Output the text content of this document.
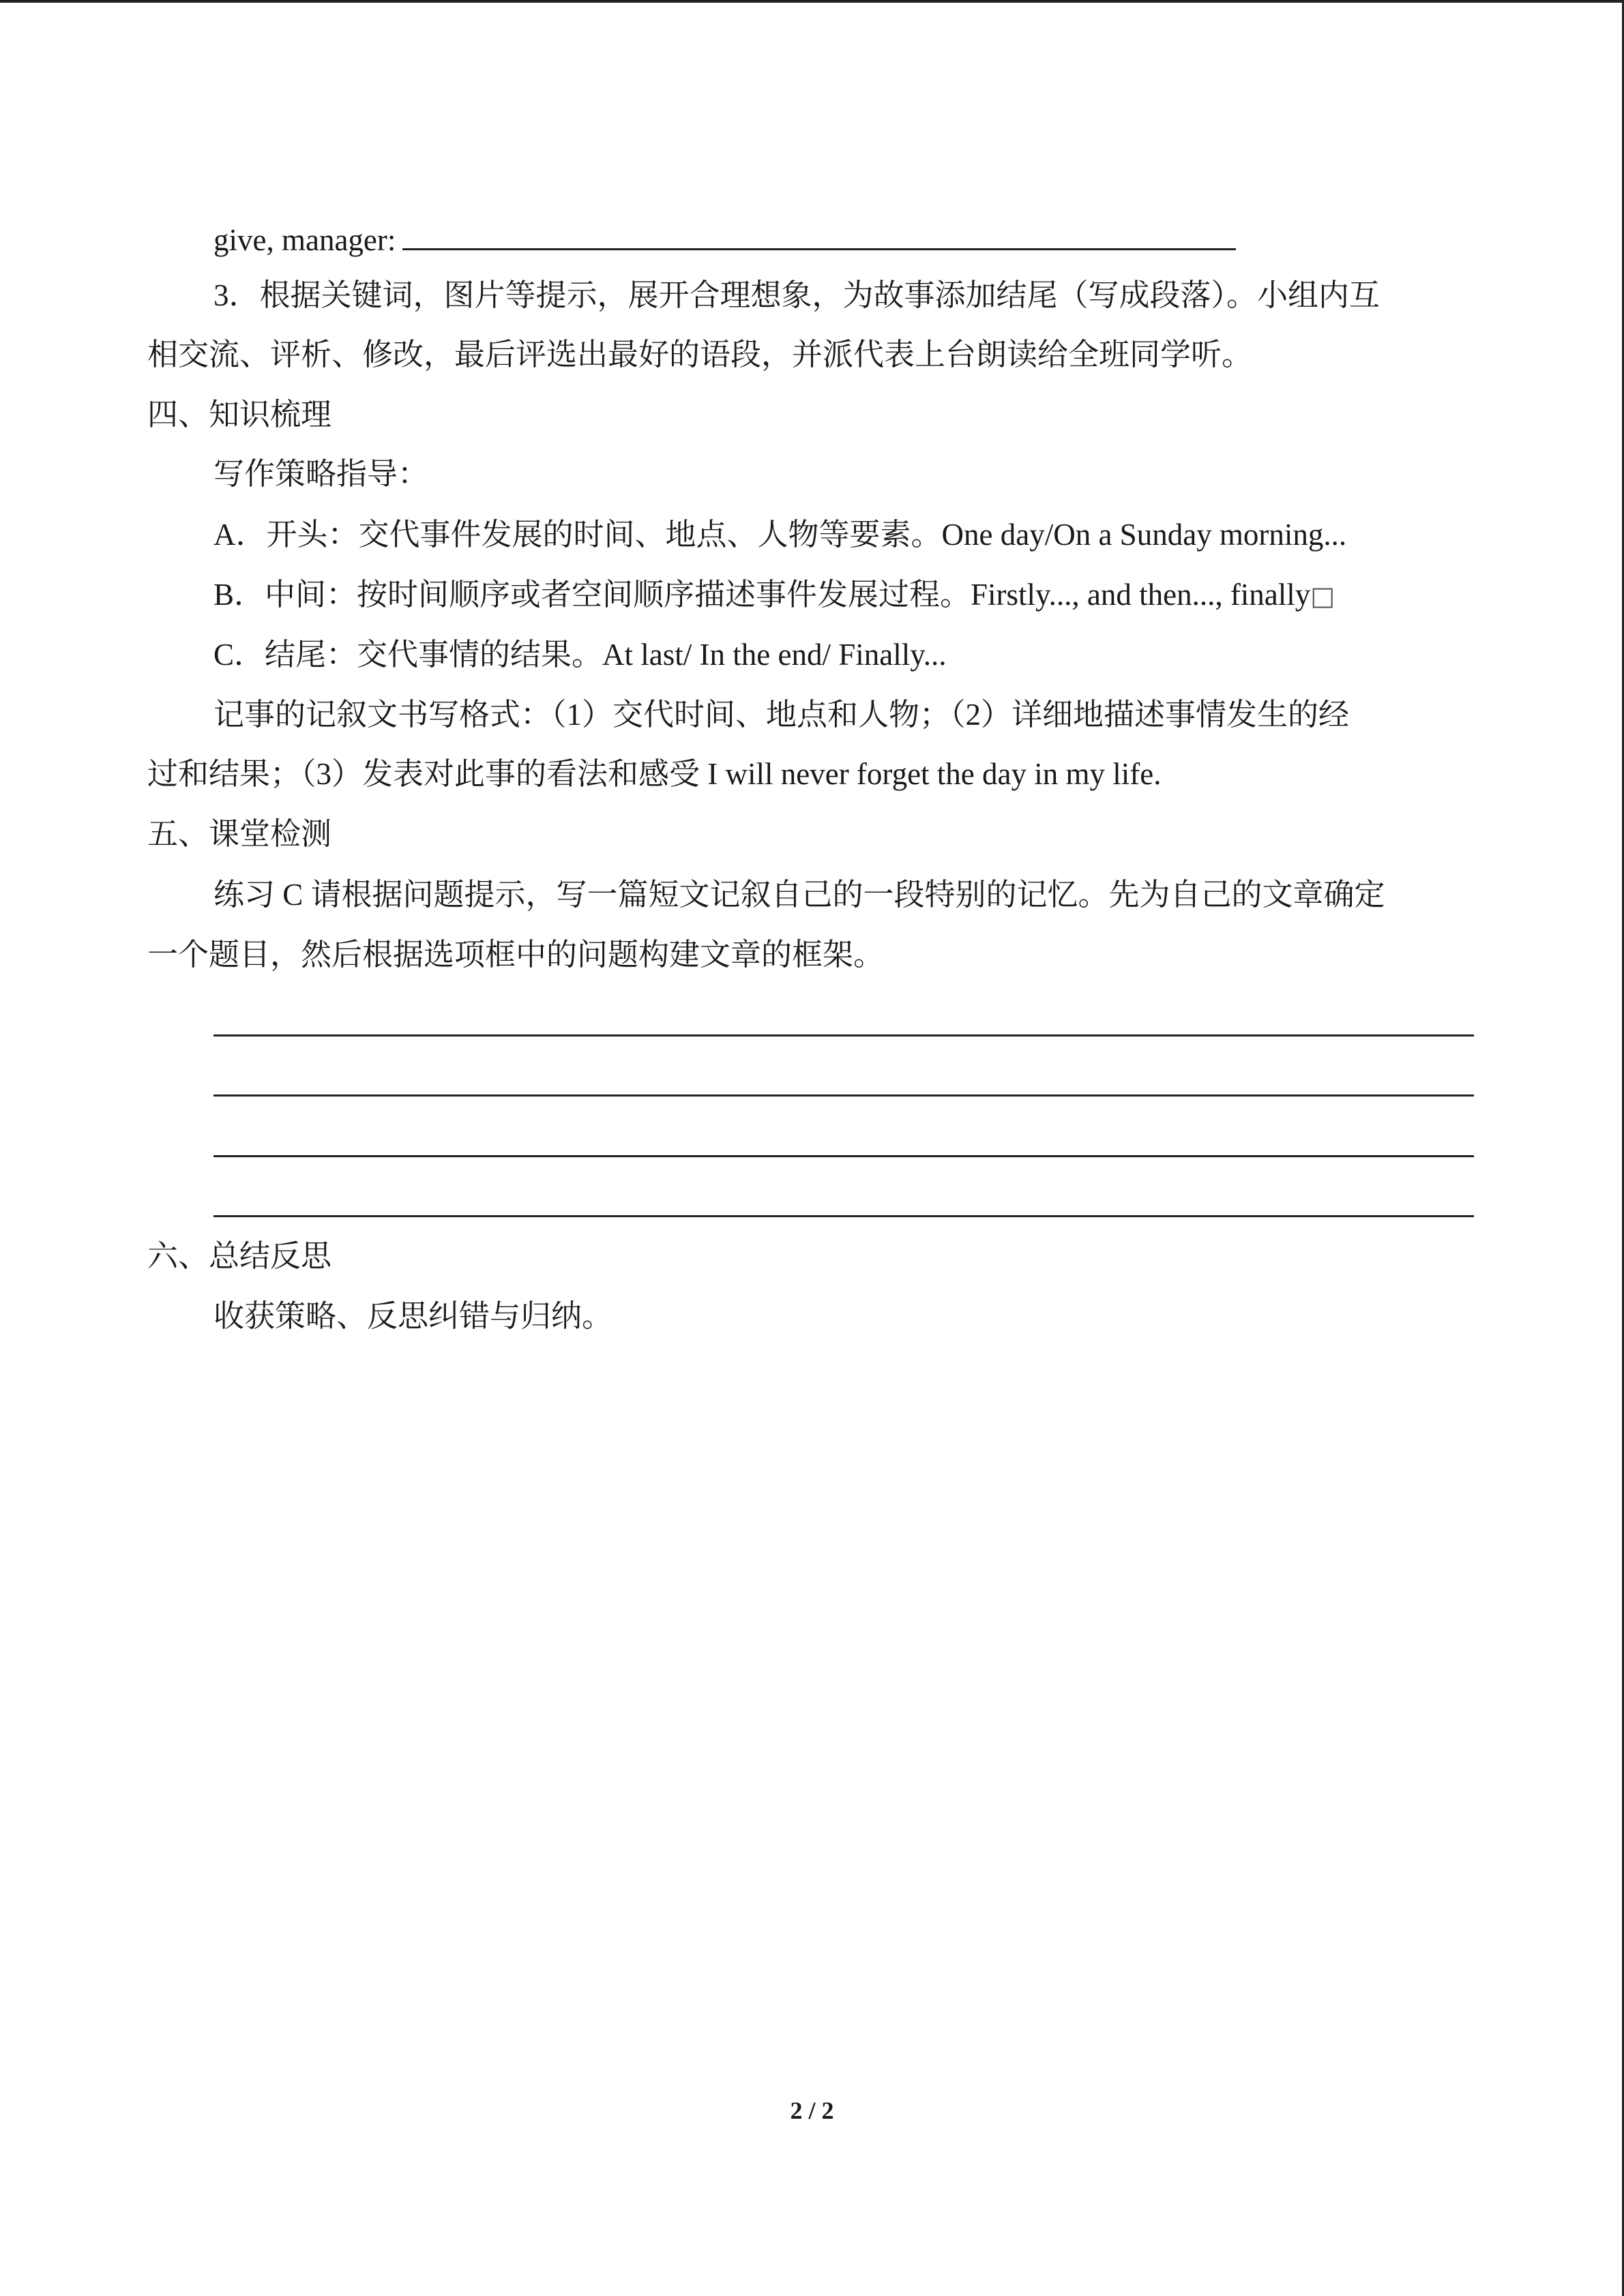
give, manager:

3．根据关键词，图片等提示，展开合理想象，为故事添加结尾（写成段落）。小组内互

相交流、评析、修改，最后评选出最好的语段，并派代表上台朗读给全班同学听。

四、知识梳理

写作策略指导：

A．开头：交代事件发展的时间、地点、人物等要素。One day/On a Sunday morning...

B．中间：按时间顺序或者空间顺序描述事件发展过程。Firstly..., and then..., finally□

C．结尾：交代事情的结果。At last/ In the end/ Finally...

记事的记叙文书写格式：（1）交代时间、地点和人物；（2）详细地描述事情发生的经

过和结果；（3）发表对此事的看法和感受 I will never forget the day in my life.

五、课堂检测

练习 C 请根据问题提示，写一篇短文记叙自己的一段特别的记忆。先为自己的文章确定

一个题目，然后根据选项框中的问题构建文章的框架。

六、总结反思

收获策略、反思纠错与归纳。

2 / 2
